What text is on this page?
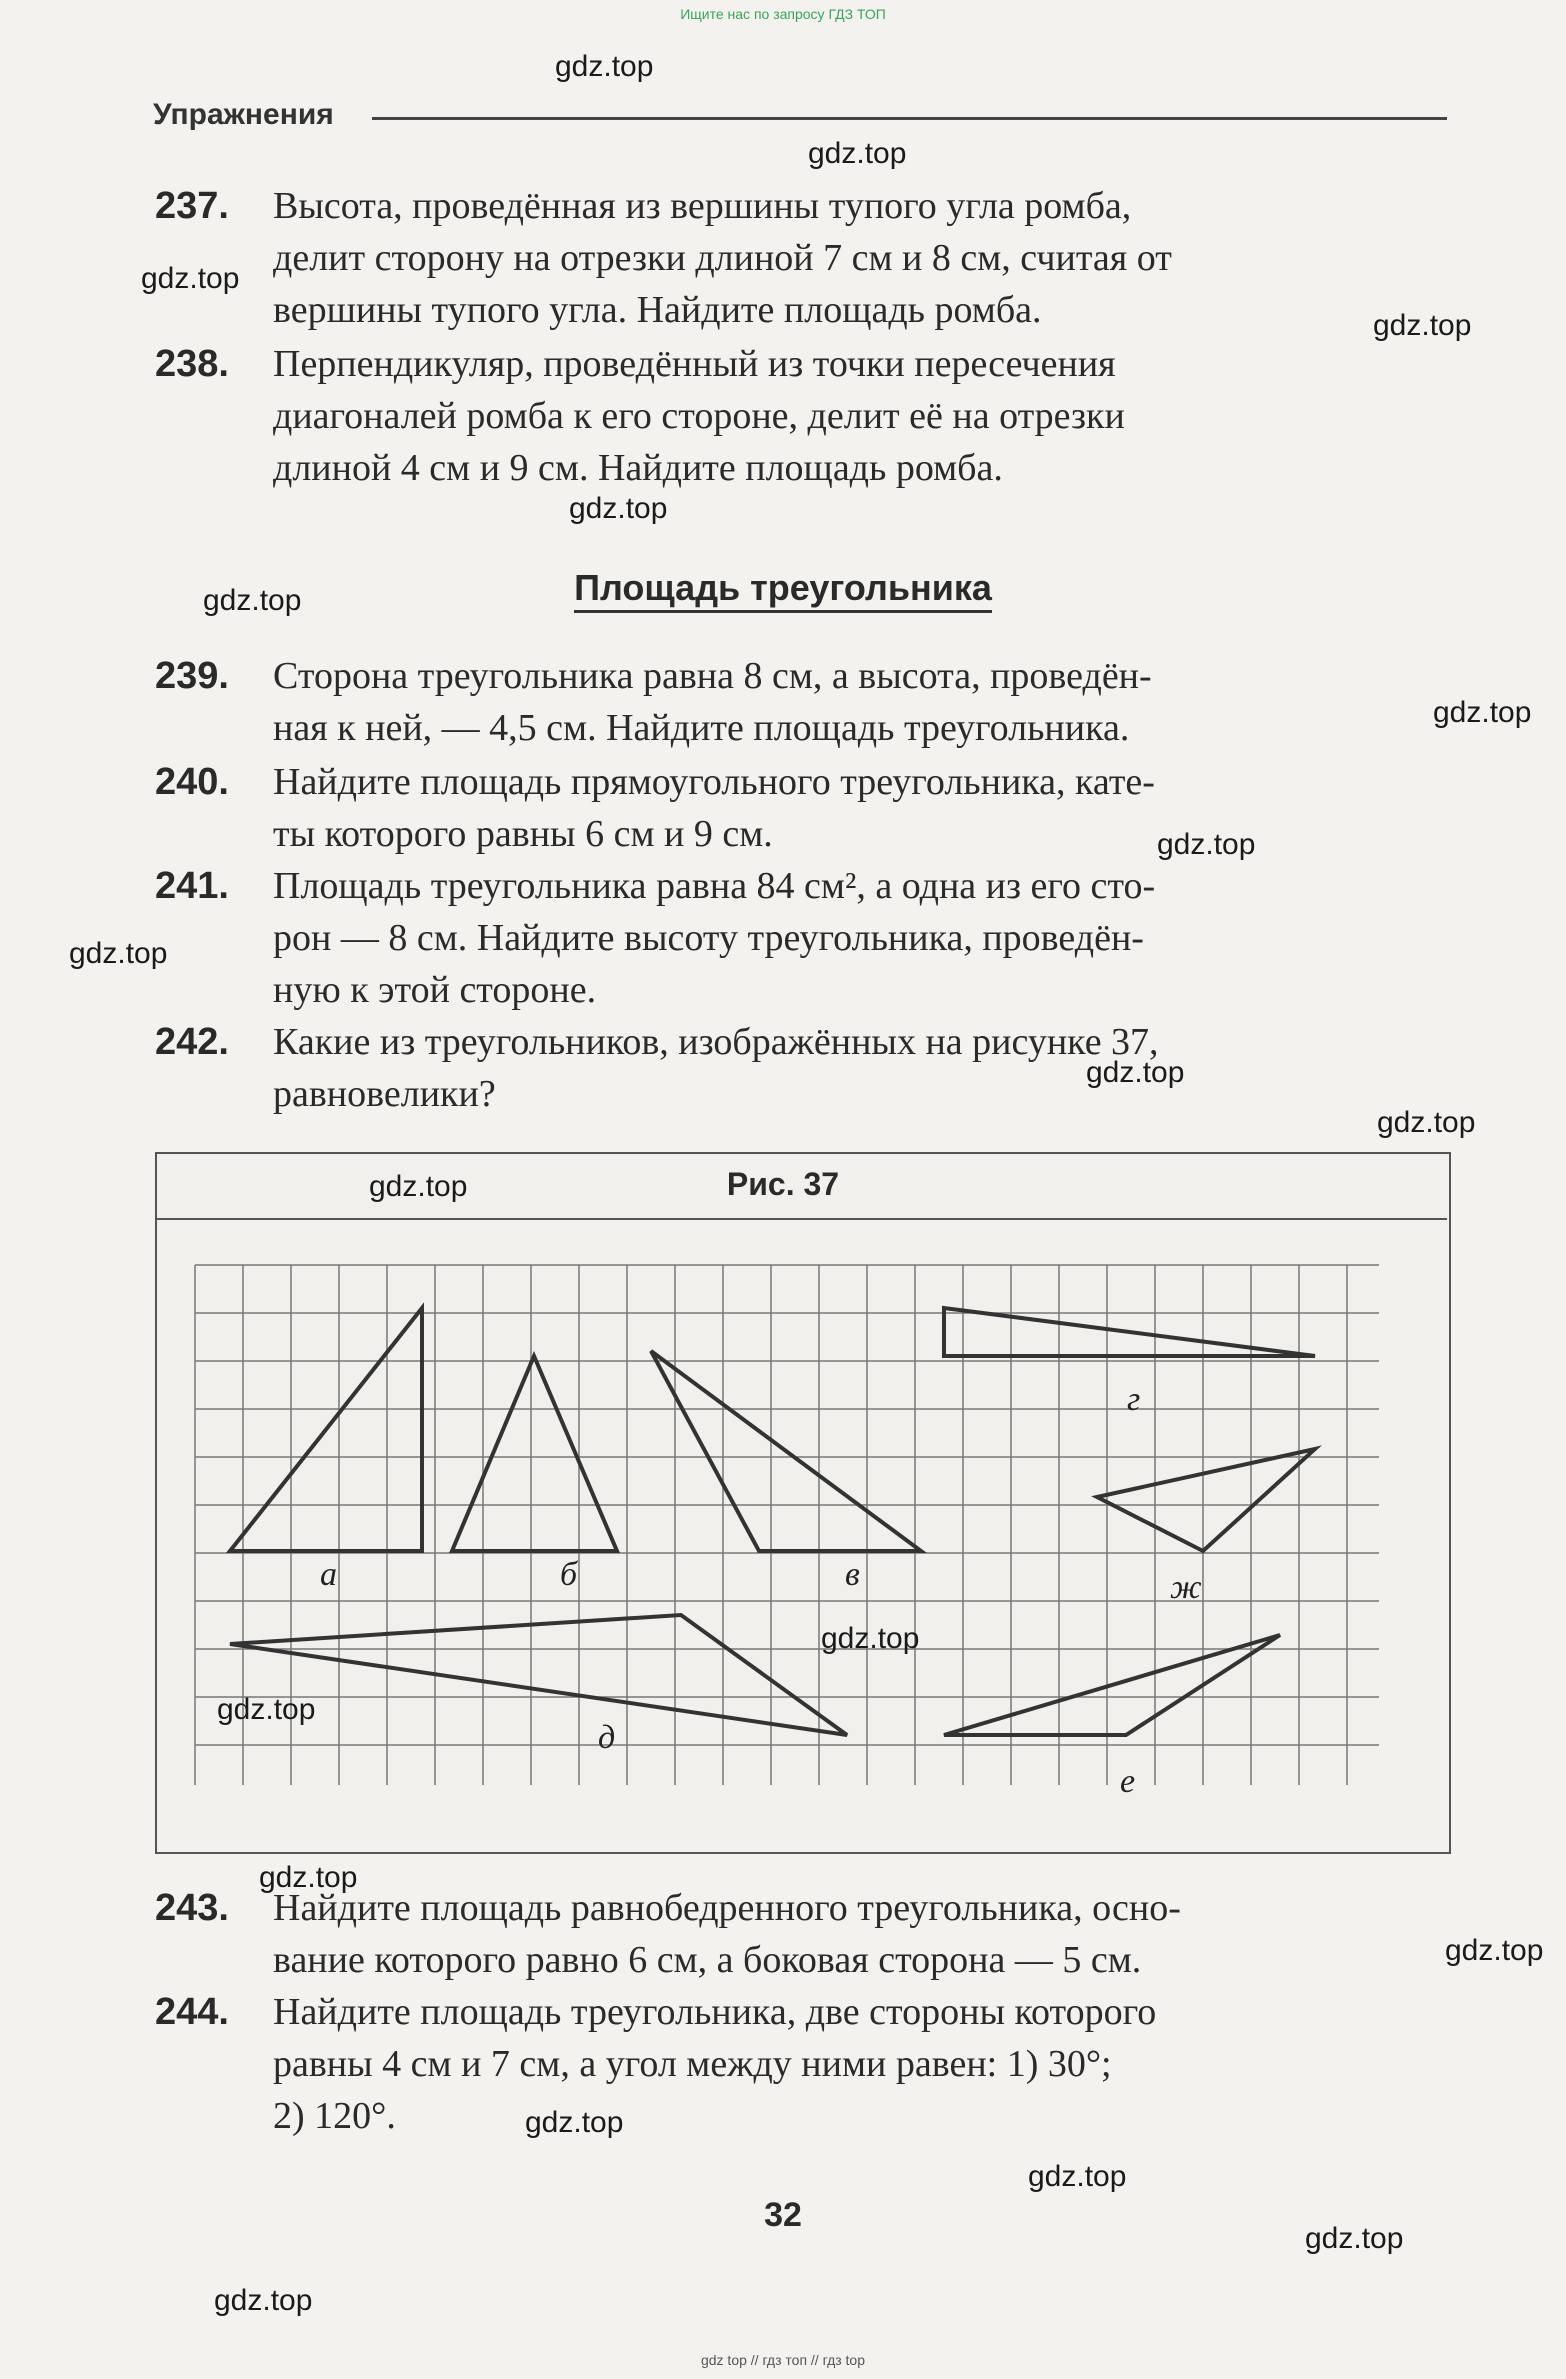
Ищите нас по запросу ГДЗ ТОП
Упражнения
237. Высота, проведённая из вершины тупого угла ромба,
делит сторону на отрезки длиной 7 см и 8 см, считая от
вершины тупого угла. Найдите площадь ромба.
238. Перпендикуляр, проведённый из точки пересечения
диагоналей ромба к его стороне, делит её на отрезки
длиной 4 см и 9 см. Найдите площадь ромба.
Площадь треугольника
239. Сторона треугольника равна 8 см, а высота, проведён-
ная к ней, — 4,5 см. Найдите площадь треугольника.
240. Найдите площадь прямоугольного треугольника, кате-
ты которого равны 6 см и 9 см.
241. Площадь треугольника равна 84 см², а одна из его сто-
рон — 8 см. Найдите высоту треугольника, проведён-
ную к этой стороне.
242. Какие из треугольников, изображённых на рисунке 37,
равновелики?
Рис. 37
а	б	в
г
ж
д
е
243. Найдите площадь равнобедренного треугольника, осно-
вание которого равно 6 см, а боковая сторона — 5 см.
244. Найдите площадь треугольника, две стороны которого
равны 4 см и 7 см, а угол между ними равен: 1) 30°;
2) 120°.
32
gdz.top
gdz.top
gdz.top
gdz.top
gdz.top
gdz.top
gdz.top
gdz.top
gdz.top
gdz.top
gdz.top
gdz.top
gdz.top
gdz.top
gdz.top
gdz.top
gdz.top
gdz.top
gdz.top
gdz.top
gdz top // гдз топ // гдз top
